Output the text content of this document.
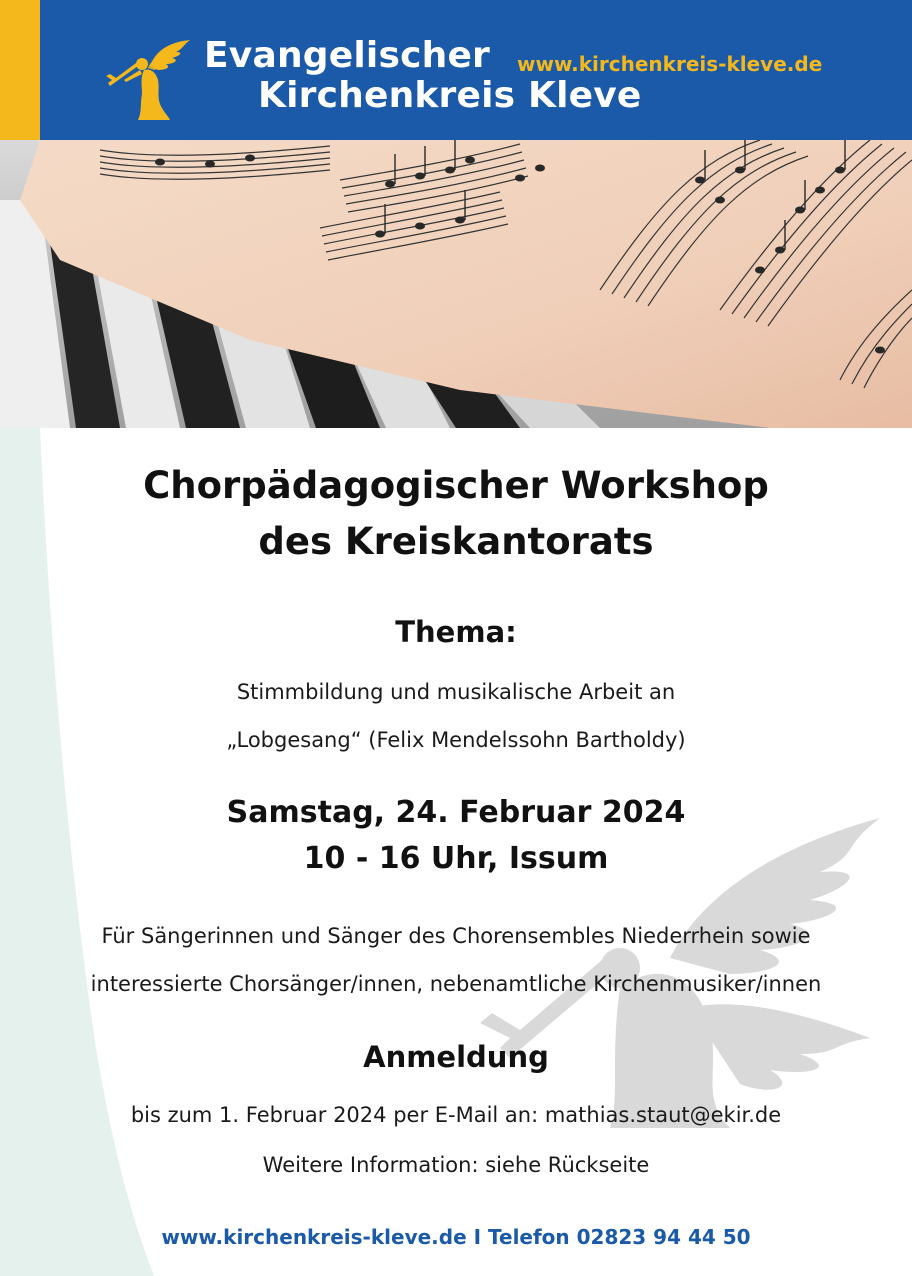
Evangelischer
Kirchenkreis Kleve
www.kirchenkreis-kleve.de
Chorpädagogischer Workshop
des Kreiskantorats
Thema:
Stimmbildung und musikalische Arbeit an
„Lobgesang“ (Felix Mendelssohn Bartholdy)
Samstag, 24. Februar 2024
10 - 16 Uhr, Issum
Für Sängerinnen und Sänger des Chorensembles Niederrhein sowie
interessierte Chorsänger/innen, nebenamtliche Kirchenmusiker/innen
Anmeldung
bis zum 1. Februar 2024 per E-Mail an: mathias.staut@ekir.de
Weitere Information: siehe Rückseite
www.kirchenkreis-kleve.de I Telefon 02823 94 44 50
